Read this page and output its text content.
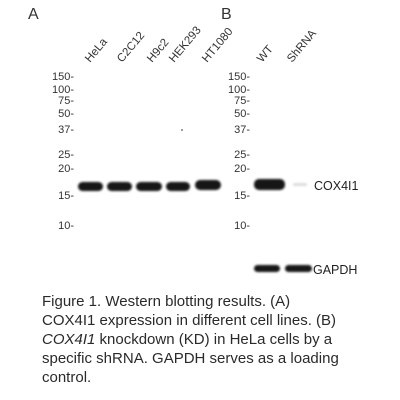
A	B
HeLa C2C12
H9c2
HEK293
HT1080 WT ShRNA
150-
100-
75-
50-
37-
25-
20-
15-
10-
150-
100-
75-
50-
37-
25-
20-
15-
10-
COX4I1
GAPDH
Figure 1. Western blotting results. (A)
COX4I1 expression in different cell lines. (B)
COX4I1 knockdown (KD) in HeLa cells by a
specific shRNA. GAPDH serves as a loading
control.
